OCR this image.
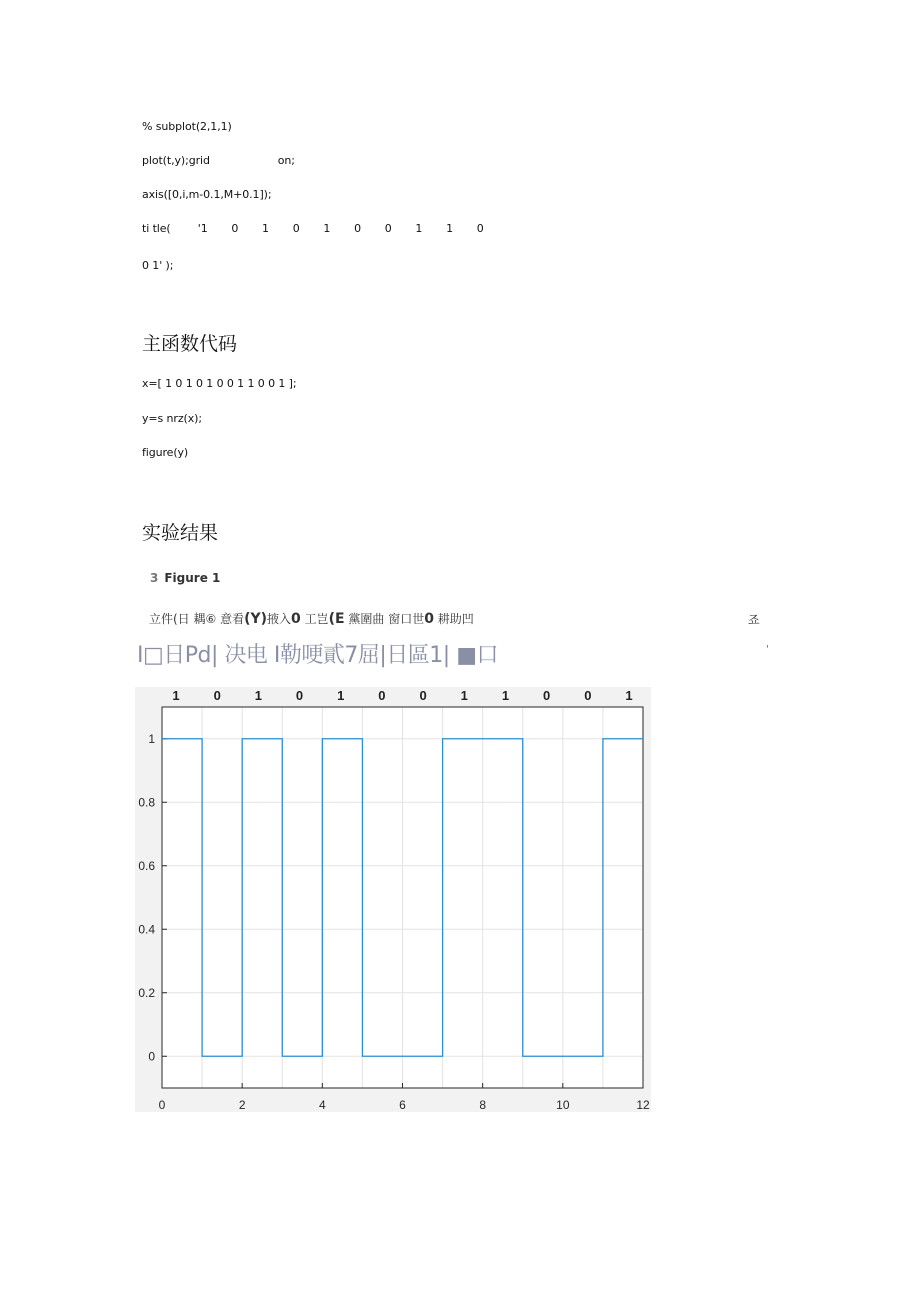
% subplot(2,1,1)
plot(t,y);grid                    on;
axis([0,i,m-0.1,M+0.1]);
ti tle(        '1       0       1       0       1       0       0       1       1       0
0 1' );
主函数代码
x=[ 1 0 1 0 1 0 0 1 1 0 0 1 ];
y=s nrz(x);
figure(y)
实验结果
3 Figure 1
立件(日 耦⑥ 意看(Y)掖入0 工岂(E 黨圍曲 窗口世0 耕助凹	죠
I□日Pd| 决电 Ⅰ勒哽貳7屈|日區1| ■口	'
0	2	4	6	8	10	12
0
0.2
0.4
0.6
0.8
1
1	0	1	0	1	0	0	1	1	0	0	1
